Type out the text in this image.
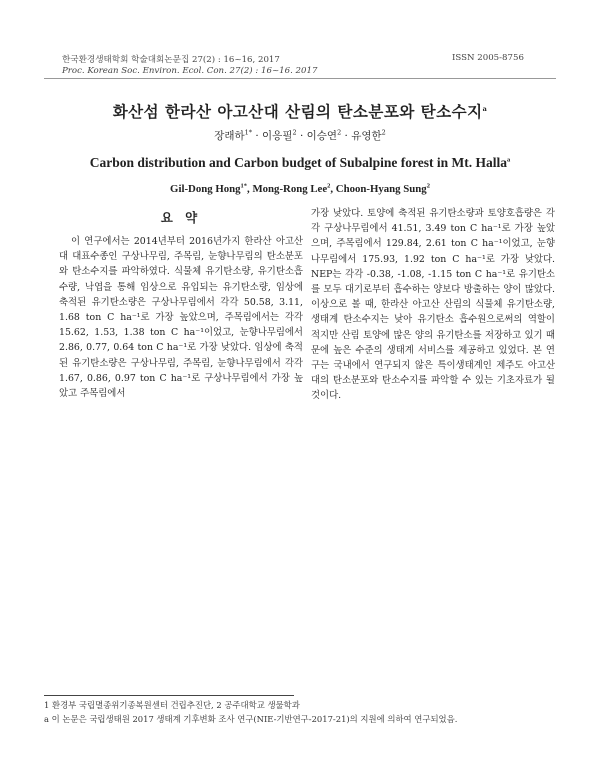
한국환경생태학회 학술대회논문집 27(2) : 16~16, 2017	ISSN 2005-8756
Proc. Korean Soc. Environ. Ecol. Con. 27(2) : 16~16. 2017
화산섬 한라산 아고산대 산림의 탄소분포와 탄소수지$^a$
장래하$^{1*}$ · 이응필$^2$ · 이승연$^2$ · 유영한$^2$
Carbon distribution and Carbon budget of Subalpine forest in Mt. Halla$^a$
Gil-Dong Hong$^{1*}$, Mong-Rong Lee$^2$, Choon-Hyang Sung$^2$
요 약

이 연구에서는 2014년부터 2016년가지 한라산 아고산대 대표수종인 구상나무림, 주목림, 눈향나무림의 탄소분포와 탄소수지를 파악하였다. 식물체 유기탄소량, 유기탄소흡수량, 낙엽을 통해 임상으로 유입되는 유기탄소량, 임상에 축적된 유기탄소량은 구상나무림에서 각각 50.58, 3.11, 1.68 ton C ha⁻¹로 가장 높았으며, 주목림에서는 각각 15.62, 1.53, 1.38 ton C ha⁻¹이었고, 눈향나무림에서 2.86, 0.77, 0.64 ton C ha⁻¹로 가장 낮았다. 임상에 축적된 유기탄소량은 구상나무림, 주목림, 눈향나무림에서 각각 1.67, 0.86, 0.97 ton C ha⁻¹로 구상나무림에서 가장 높았고 주목림에서

가장 낮았다. 토양에 축적된 유기탄소량과 토양호흡량은 각각 구상나무림에서 41.51, 3.49 ton C ha⁻¹로 가장 높았으며, 주목림에서 129.84, 2.61 ton C ha⁻¹이었고, 눈향나무림에서 175.93, 1.92 ton C ha⁻¹로 가장 낮았다. NEP는 각각 -0.38, -1.08, -1.15 ton C ha⁻¹로 유기탄소를 모두 대기로부터 흡수하는 양보다 방출하는 양이 많았다. 이상으로 볼 때, 한라산 아고산 산림의 식물체 유기탄소량, 생태계 탄소수지는 낮아 유기탄소 흡수원으로써의 역할이 적지만 산림 토양에 많은 양의 유기탄소를 저장하고 있기 때문에 높은 수준의 생태계 서비스를 제공하고 있었다. 본 연구는 국내에서 연구되지 않은 특이생태계인 제주도 아고산대의 탄소분포와 탄소수지를 파악할 수 있는 기초자료가 될 것이다.

1 환경부 국립멸종위기종복원센터 건립추진단, 2 공주대학교 생물학과
a 이 논문은 국립생태원 2017 생태계 기후변화 조사 연구(NIE-기반연구-2017-21)의 지원에 의하여 연구되었음.
